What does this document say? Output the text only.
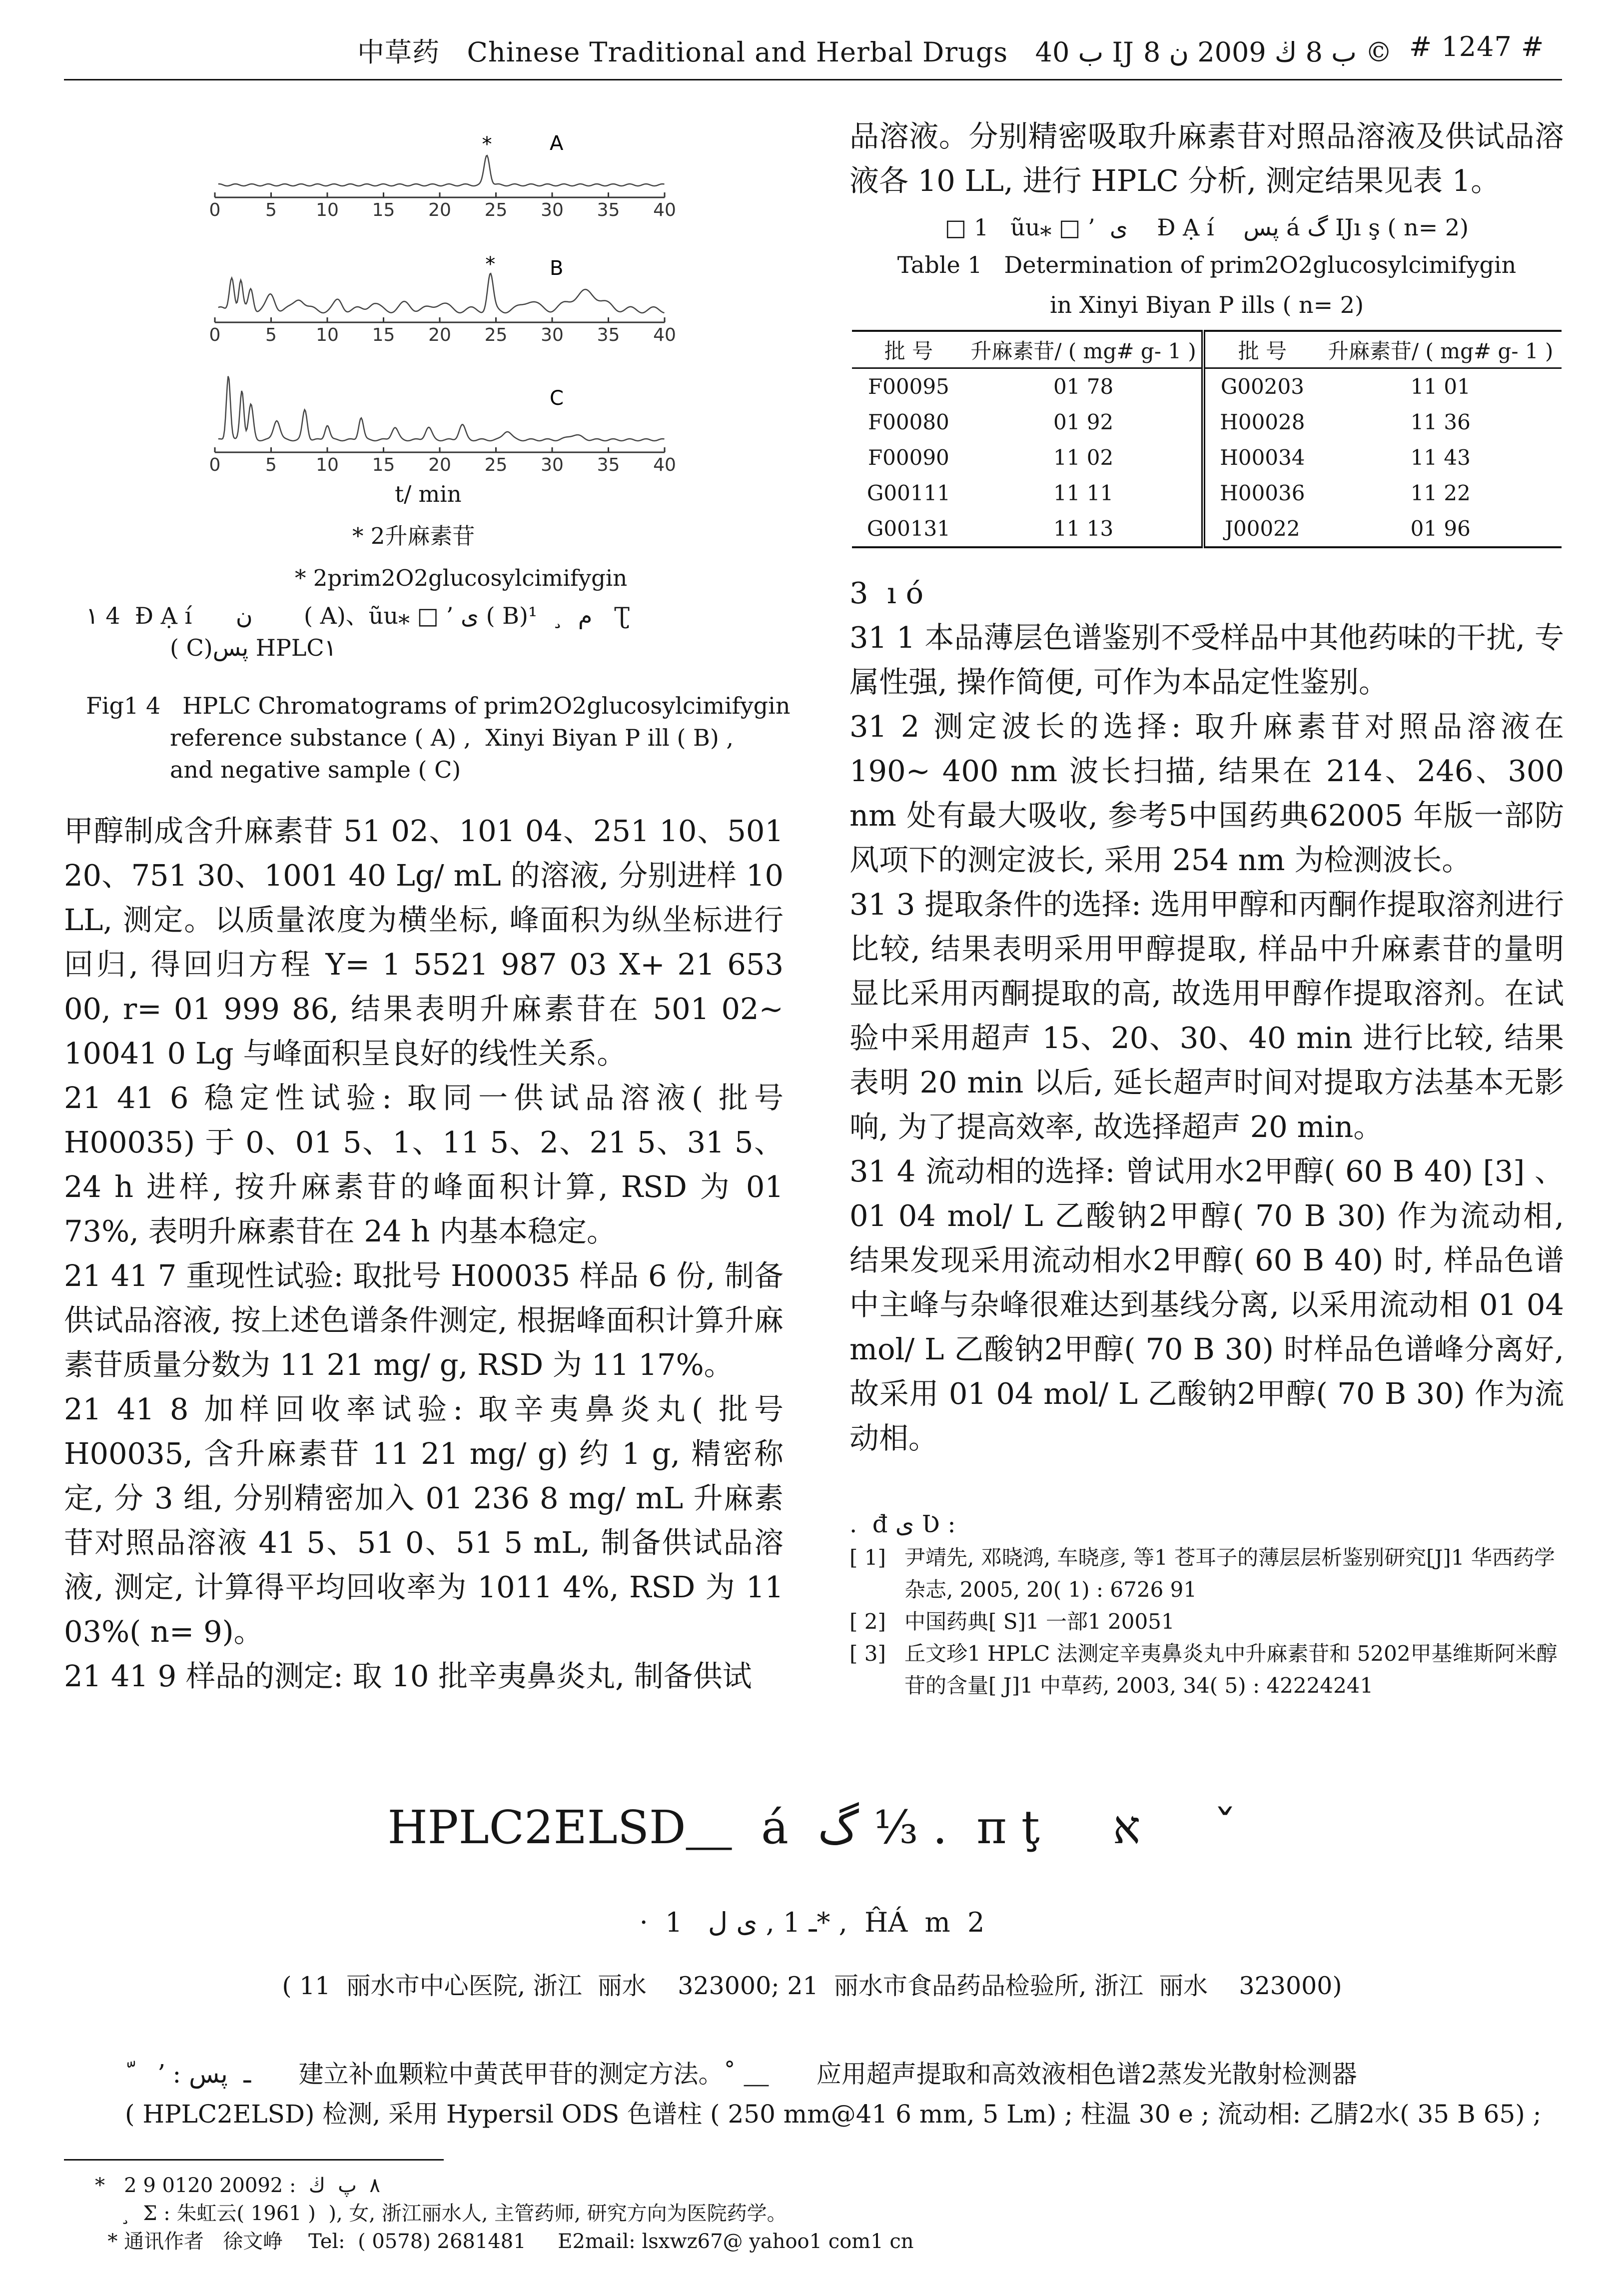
中草药 Chinese Traditional and Herbal Drugs ب 40 Ĳ ب 8 ڬ 2009 ن 8 © # 1247 #
0 5 10 15 20 25 30 35 40
A
*
0 5 10 15 20 25 30 35 40
B
*
0 5 10 15 20 25 30 35 40
C
t/ min
* 2升麻素苷
* 2prim2O2glucosylcimifygin
١ 4  Đ Ạ í      ن       ( A)、ũu⁎ □ ’ ی ( B)¹  ¸  م   Ʈ
( C)پس HPLC١
Fig1 4   HPLC Chromatograms of prim2O2glucosylcimifygin
reference substance ( A) ,  Xinyi Biyan P ill ( B) ,
and negative sample ( C)

甲醇制成含升麻素苷 51 02、101 04、251 10、501 20、751 30、1001 40 Lg/ mL 的溶液, 分别进样 10 LL, 测定。以质量浓度为横坐标, 峰面积为纵坐标进行回归, 得回归方程 Y= 1 5521 987 03 X+ 21 653 00, r= 01 999 86, 结果表明升麻素苷在 501 02~ 10041 0 Lg 与峰面积呈良好的线性关系。

21 41 6 稳定性试验: 取同一供试品溶液( 批号 H00035) 于 0、01 5、1、11 5、2、21 5、31 5、24 h 进样, 按升麻素苷的峰面积计算, RSD 为 01 73%, 表明升麻素苷在 24 h 内基本稳定。

21 41 7 重现性试验: 取批号 H00035 样品 6 份, 制备供试品溶液, 按上述色谱条件测定, 根据峰面积计算升麻素苷质量分数为 11 21 mg/ g, RSD 为 11 17%。

21 41 8 加样回收率试验: 取辛夷鼻炎丸( 批号 H00035, 含升麻素苷 11 21 mg/ g) 约 1 g, 精密称定, 分 3 组, 分别精密加入 01 236 8 mg/ mL 升麻素苷对照品溶液 41 5、51 0、51 5 mL, 制备供试品溶液, 测定, 计算得平均回收率为 1011 4%, RSD 为 11 03%( n= 9)。

21 41 9 样品的测定: 取 10 批辛夷鼻炎丸, 制备供试

品溶液。分别精密吸取升麻素苷对照品溶液及供试品溶液各 10 LL, 进行 HPLC 分析, 测定结果见表 1。
□ 1   ũu⁎ □ ’  ی    Đ Ạ í    پس á گ Ĳı ş ( n= 2)
Table 1   Determination of prim2O2glucosylcimifygin
in Xinyi Biyan P ills ( n= 2)
批 号	升麻素苷/ ( mg# g- 1 )	批 号	升麻素苷/ ( mg# g- 1 )
F00095	01 78	G00203	11 01
F00080	01 92	H00028	11 36
F00090	11 02	H00034	11 43
G00111	11 11	H00036	11 22
G00131	11 13	J00022	01 96

3  ı ó

31 1 本品薄层色谱鉴别不受样品中其他药味的干扰, 专属性强, 操作简便, 可作为本品定性鉴别。

31 2 测定波长的选择: 取升麻素苷对照品溶液在 190~ 400 nm 波长扫描, 结果在 214、246、300 nm 处有最大吸收, 参考5中国药典62005 年版一部防风项下的测定波长, 采用 254 nm 为检测波长。

31 3 提取条件的选择: 选用甲醇和丙酮作提取溶剂进行比较, 结果表明采用甲醇提取, 样品中升麻素苷的量明显比采用丙酮提取的高, 故选用甲醇作提取溶剂。在试验中采用超声 15、20、30、40 min 进行比较, 结果表明 20 min 以后, 延长超声时间对提取方法基本无影响, 为了提高效率, 故选择超声 20 min。

31 4 流动相的选择: 曾试用水2甲醇( 60 B 40) [3] 、01 04 mol/ L 乙酸钠2甲醇( 70 B 30) 作为流动相, 结果发现采用流动相水2甲醇( 60 B 40) 时, 样品色谱中主峰与杂峰很难达到基线分离, 以采用流动相 01 04 mol/ L 乙酸钠2甲醇( 70 B 30) 时样品色谱峰分离好, 故采用 01 04 mol/ L 乙酸钠2甲醇( 70 B 30) 作为流动相。

.  đ ی Ʋ :

[ 1] 尹靖先, 邓晓鸿, 车晓彦, 等1 苍耳子的薄层层析鉴别研究[J]1 华西药学杂志, 2005, 20( 1) : 6726 91
[ 2] 中国药典[ S]1 一部1 20051
[ 3] 丘文珍1 HPLC 法测定辛夷鼻炎丸中升麻素苷和 5202甲基维斯阿米醇苷的含量[ J]1 中草药, 2003, 34( 5) : 42224241
HPLC2ELSD⸏  á  گ ⅓ .  π ţ     א     ˇ
·  ـ 1 , ی ل   1* ,  ĤÁ  m  2
( 11  丽水市中心医院, 浙江  丽水    323000; 21  丽水市食品药品检验所, 浙江  丽水    323000)
ّ    ʼ : ـ  پس      建立补血颗粒中黄芪甲苷的测定方法。˚ ⸏      应用超声提取和高效液相色谱2蒸发光散射检测器
( HPLC2ELSD) 检测, 采用 Hypersil ODS 色谱柱 ( 250 mm@41 6 mm, 5 Lm) ; 柱温 30 e ; 流动相: 乙腈2水( 35 B 65) ;
*   2 ٨  پ  ڬ  : 20092 0120 9
¸  Σ : 朱虹云( 1961 )  ), 女, 浙江丽水人, 主管药师, 研究方向为医院药学。
* 通讯作者   徐文峥    Tel:  ( 0578) 2681481     E2mail: lsxwz67@ yahoo1 com1 cn
